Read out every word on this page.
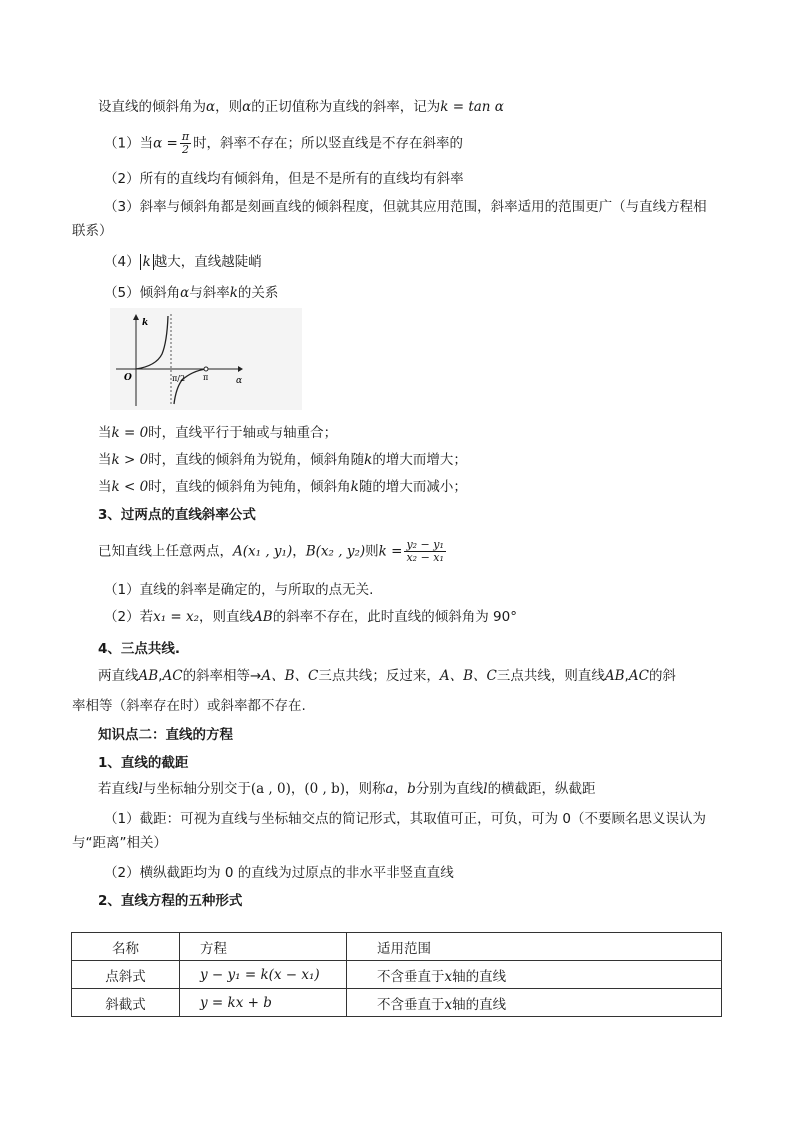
设直线的倾斜角为α，则α的正切值称为直线的斜率，记为k = tan α
（1）当$\alpha = \frac{\pi}{2}$ 时，斜率不存在；所以竖直线是不存在斜率的
（2）所有的直线均有倾斜角，但是不是所有的直线均有斜率
（3）斜率与倾斜角都是刻画直线的倾斜程度，但就其应用范围，斜率适用的范围更广（与直线方程相
联系）
（4） k 越大，直线越陡峭
（5）倾斜角α与斜率k的关系
k
α
O	π/2 π
当k = 0时，直线平行于轴或与轴重合；
当k > 0时，直线的倾斜角为锐角，倾斜角随k的增大而增大；
当k < 0时，直线的倾斜角为钝角，倾斜角k随的增大而减小；
3、过两点的直线斜率公式
已知直线上任意两点，A(x₁ , y₁)，B(x₂ , y₂)则$k = \frac{\text{y₂ − y₁}}{\text{x₂ − x₁}}$
（1）直线的斜率是确定的，与所取的点无关.
（2）若x₁ = x₂，则直线AB的斜率不存在，此时直线的倾斜角为 90°
4、三点共线.
两直线AB,AC的斜率相等→A、B、C三点共线；反过来，A、B、C三点共线，则直线AB,AC的斜
率相等（斜率存在时）或斜率都不存在.
知识点二：直线的方程
1、直线的截距
若直线l与坐标轴分别交于(a , 0)，(0 , b)，则称a，b分别为直线l的横截距，纵截距
（1）截距：可视为直线与坐标轴交点的简记形式，其取值可正，可负，可为 0（不要顾名思义误认为
与“距离”相关）
（2）横纵截距均为 0 的直线为过原点的非水平非竖直直线
2、直线方程的五种形式
名称	方程	适用范围
点斜式	y − y₁ = k(x − x₁)	不含垂直于x轴的直线
斜截式	y = kx + b	不含垂直于x轴的直线
